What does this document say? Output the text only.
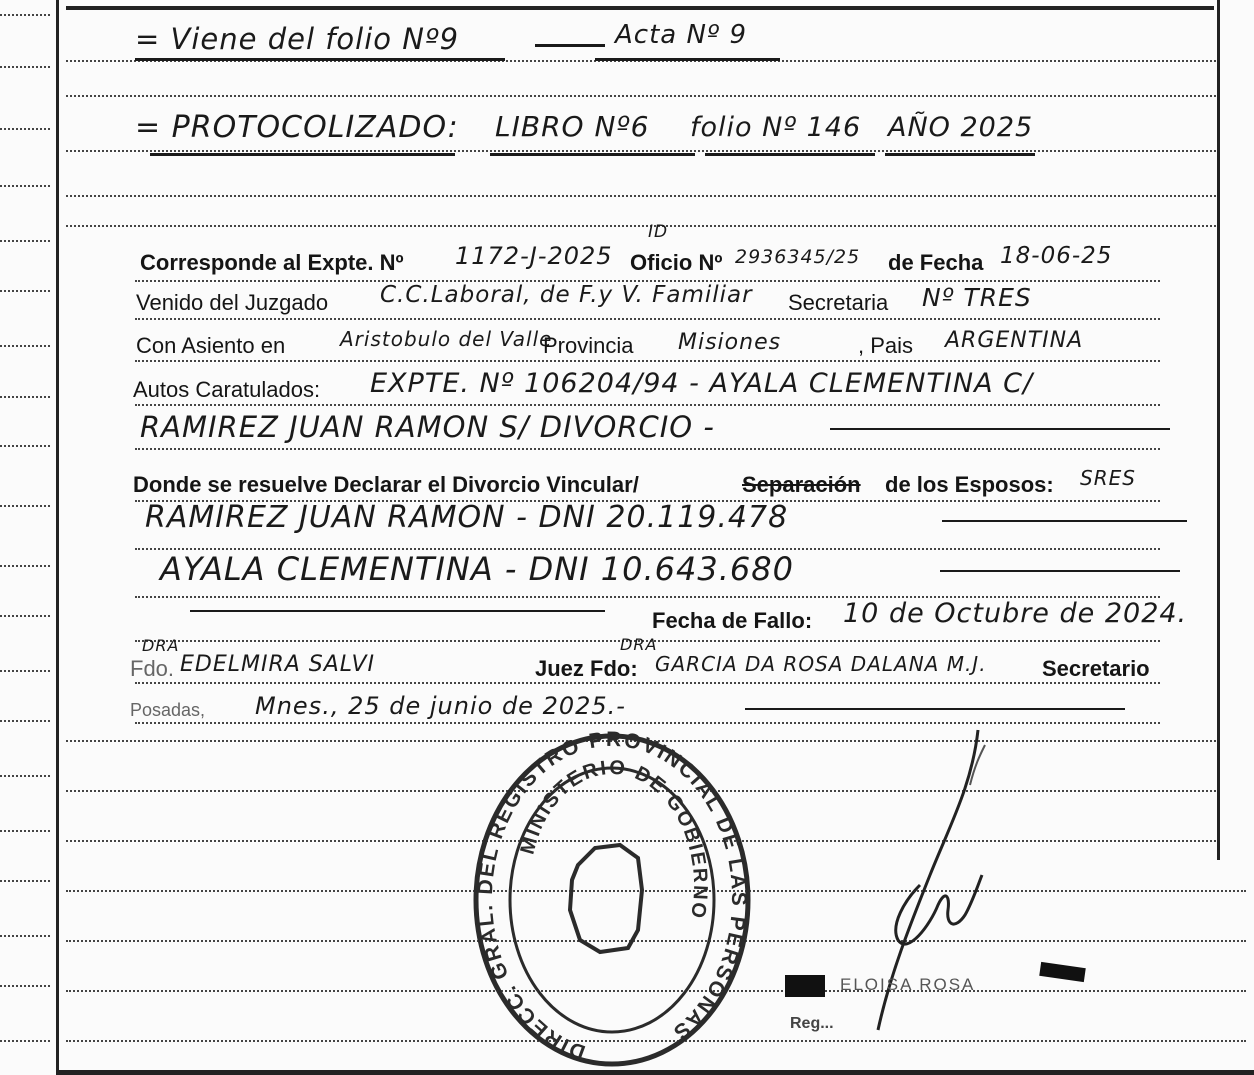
= Viene del folio Nº9	Acta Nº 9
= PROTOCOLIZADO: LIBRO Nº6 folio Nº 146 AÑO 2025
Corresponde al Expte. Nº 1172-J-2025 Oficio Nº
ID
2936345/25 de Fecha 18-06-25
Venido del Juzgado C.C.Laboral, de F.y V. Familiar Secretaria Nº TRES
Con Asiento en	Aristobulo del Valle
Provincia Misiones	, Pais ARGENTINA
Autos Caratulados: EXPTE. Nº 106204/94 - AYALA CLEMENTINA C/
RAMIREZ JUAN RAMON S/ DIVORCIO -
Donde se resuelve Declarar el Divorcio Vincular/	Separación de los Esposos: SRES
RAMIREZ JUAN RAMON - DNI 20.119.478
AYALA CLEMENTINA - DNI 10.643.680
Fecha de Fallo: 10 de Octubre de 2024.
Fdo.
DRA
EDELMIRA SALVI	Juez Fdo:
DRA
GARCIA DA ROSA DALANA M.J.	Secretario
Posadas, Mnes., 25 de junio de 2025.-
DIRECC. GRAL. DEL REGISTRO PROVINCIAL DE LAS PERSONAS
MINISTERIO DE GOBIERNO
ELOISA ROSA
Reg...
